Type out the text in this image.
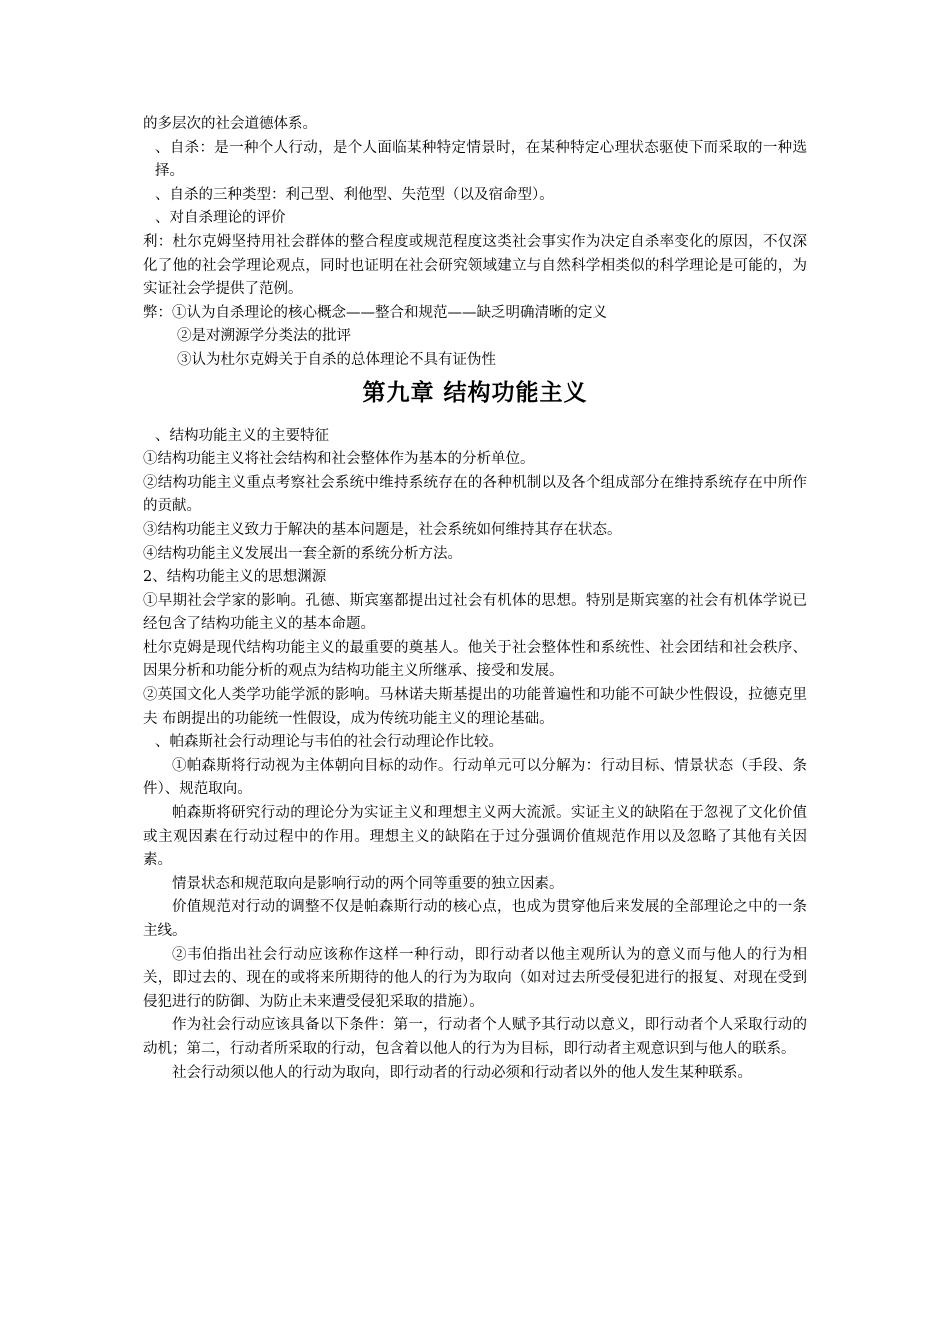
的多层次的社会道德体系。

、自杀：是一种个人行动，是个人面临某种特定情景时，在某种特定心理状态驱使下而采取的一种选择。

、自杀的三种类型：利己型、利他型、失范型（以及宿命型）。

、对自杀理论的评价

利：杜尔克姆坚持用社会群体的整合程度或规范程度这类社会事实作为决定自杀率变化的原因，不仅深化了他的社会学理论观点，同时也证明在社会研究领域建立与自然科学相类似的科学理论是可能的，为实证社会学提供了范例。

弊：①认为自杀理论的核心概念——整合和规范——缺乏明确清晰的定义

②是对溯源学分类法的批评

③认为杜尔克姆关于自杀的总体理论不具有证伪性

第九章 结构功能主义

、结构功能主义的主要特征

①结构功能主义将社会结构和社会整体作为基本的分析单位。

②结构功能主义重点考察社会系统中维持系统存在的各种机制以及各个组成部分在维持系统存在中所作的贡献。

③结构功能主义致力于解决的基本问题是，社会系统如何维持其存在状态。

④结构功能主义发展出一套全新的系统分析方法。

2、结构功能主义的思想渊源

①早期社会学家的影响。孔德、斯宾塞都提出过社会有机体的思想。特别是斯宾塞的社会有机体学说已经包含了结构功能主义的基本命题。

杜尔克姆是现代结构功能主义的最重要的奠基人。他关于社会整体性和系统性、社会团结和社会秩序、因果分析和功能分析的观点为结构功能主义所继承、接受和发展。

②英国文化人类学功能学派的影响。马林诺夫斯基提出的功能普遍性和功能不可缺少性假设，拉德克里夫 布朗提出的功能统一性假设，成为传统功能主义的理论基础。

、帕森斯社会行动理论与韦伯的社会行动理论作比较。

①帕森斯将行动视为主体朝向目标的动作。行动单元可以分解为：行动目标、情景状态（手段、条件）、规范取向。

帕森斯将研究行动的理论分为实证主义和理想主义两大流派。实证主义的缺陷在于忽视了文化价值或主观因素在行动过程中的作用。理想主义的缺陷在于过分强调价值规范作用以及忽略了其他有关因素。

情景状态和规范取向是影响行动的两个同等重要的独立因素。

价值规范对行动的调整不仅是帕森斯行动的核心点，也成为贯穿他后来发展的全部理论之中的一条主线。

②韦伯指出社会行动应该称作这样一种行动，即行动者以他主观所认为的意义而与他人的行为相关，即过去的、现在的或将来所期待的他人的行为为取向（如对过去所受侵犯进行的报复、对现在受到侵犯进行的防御、为防止未来遭受侵犯采取的措施）。

作为社会行动应该具备以下条件：第一，行动者个人赋予其行动以意义，即行动者个人采取行动的动机；第二，行动者所采取的行动，包含着以他人的行为为目标，即行动者主观意识到与他人的联系。

社会行动须以他人的行动为取向，即行动者的行动必须和行动者以外的他人发生某种联系。
